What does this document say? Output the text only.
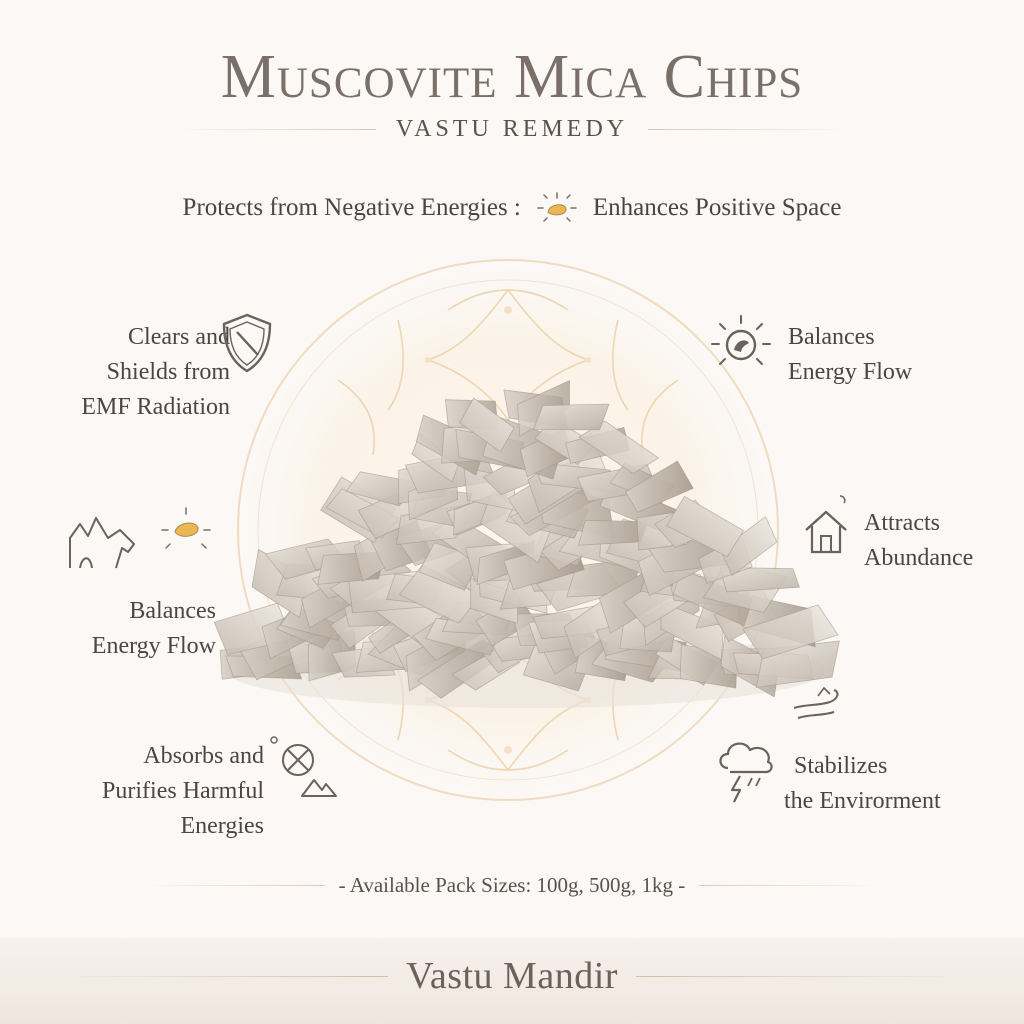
Muscovite Mica Chips
VASTU REMEDY
Protects from Negative Energies :	Enhances Positive Space
Clears and
Shields from
EMF Radiation
Balances
Energy Flow
Balances
Energy Flow
Attracts
Abundance
Absorbs and
Purifies Harmful
Energies
Stabilizes
the Envirorment
- Available Pack Sizes: 100g, 500g, 1kg -
Vastu Mandir
